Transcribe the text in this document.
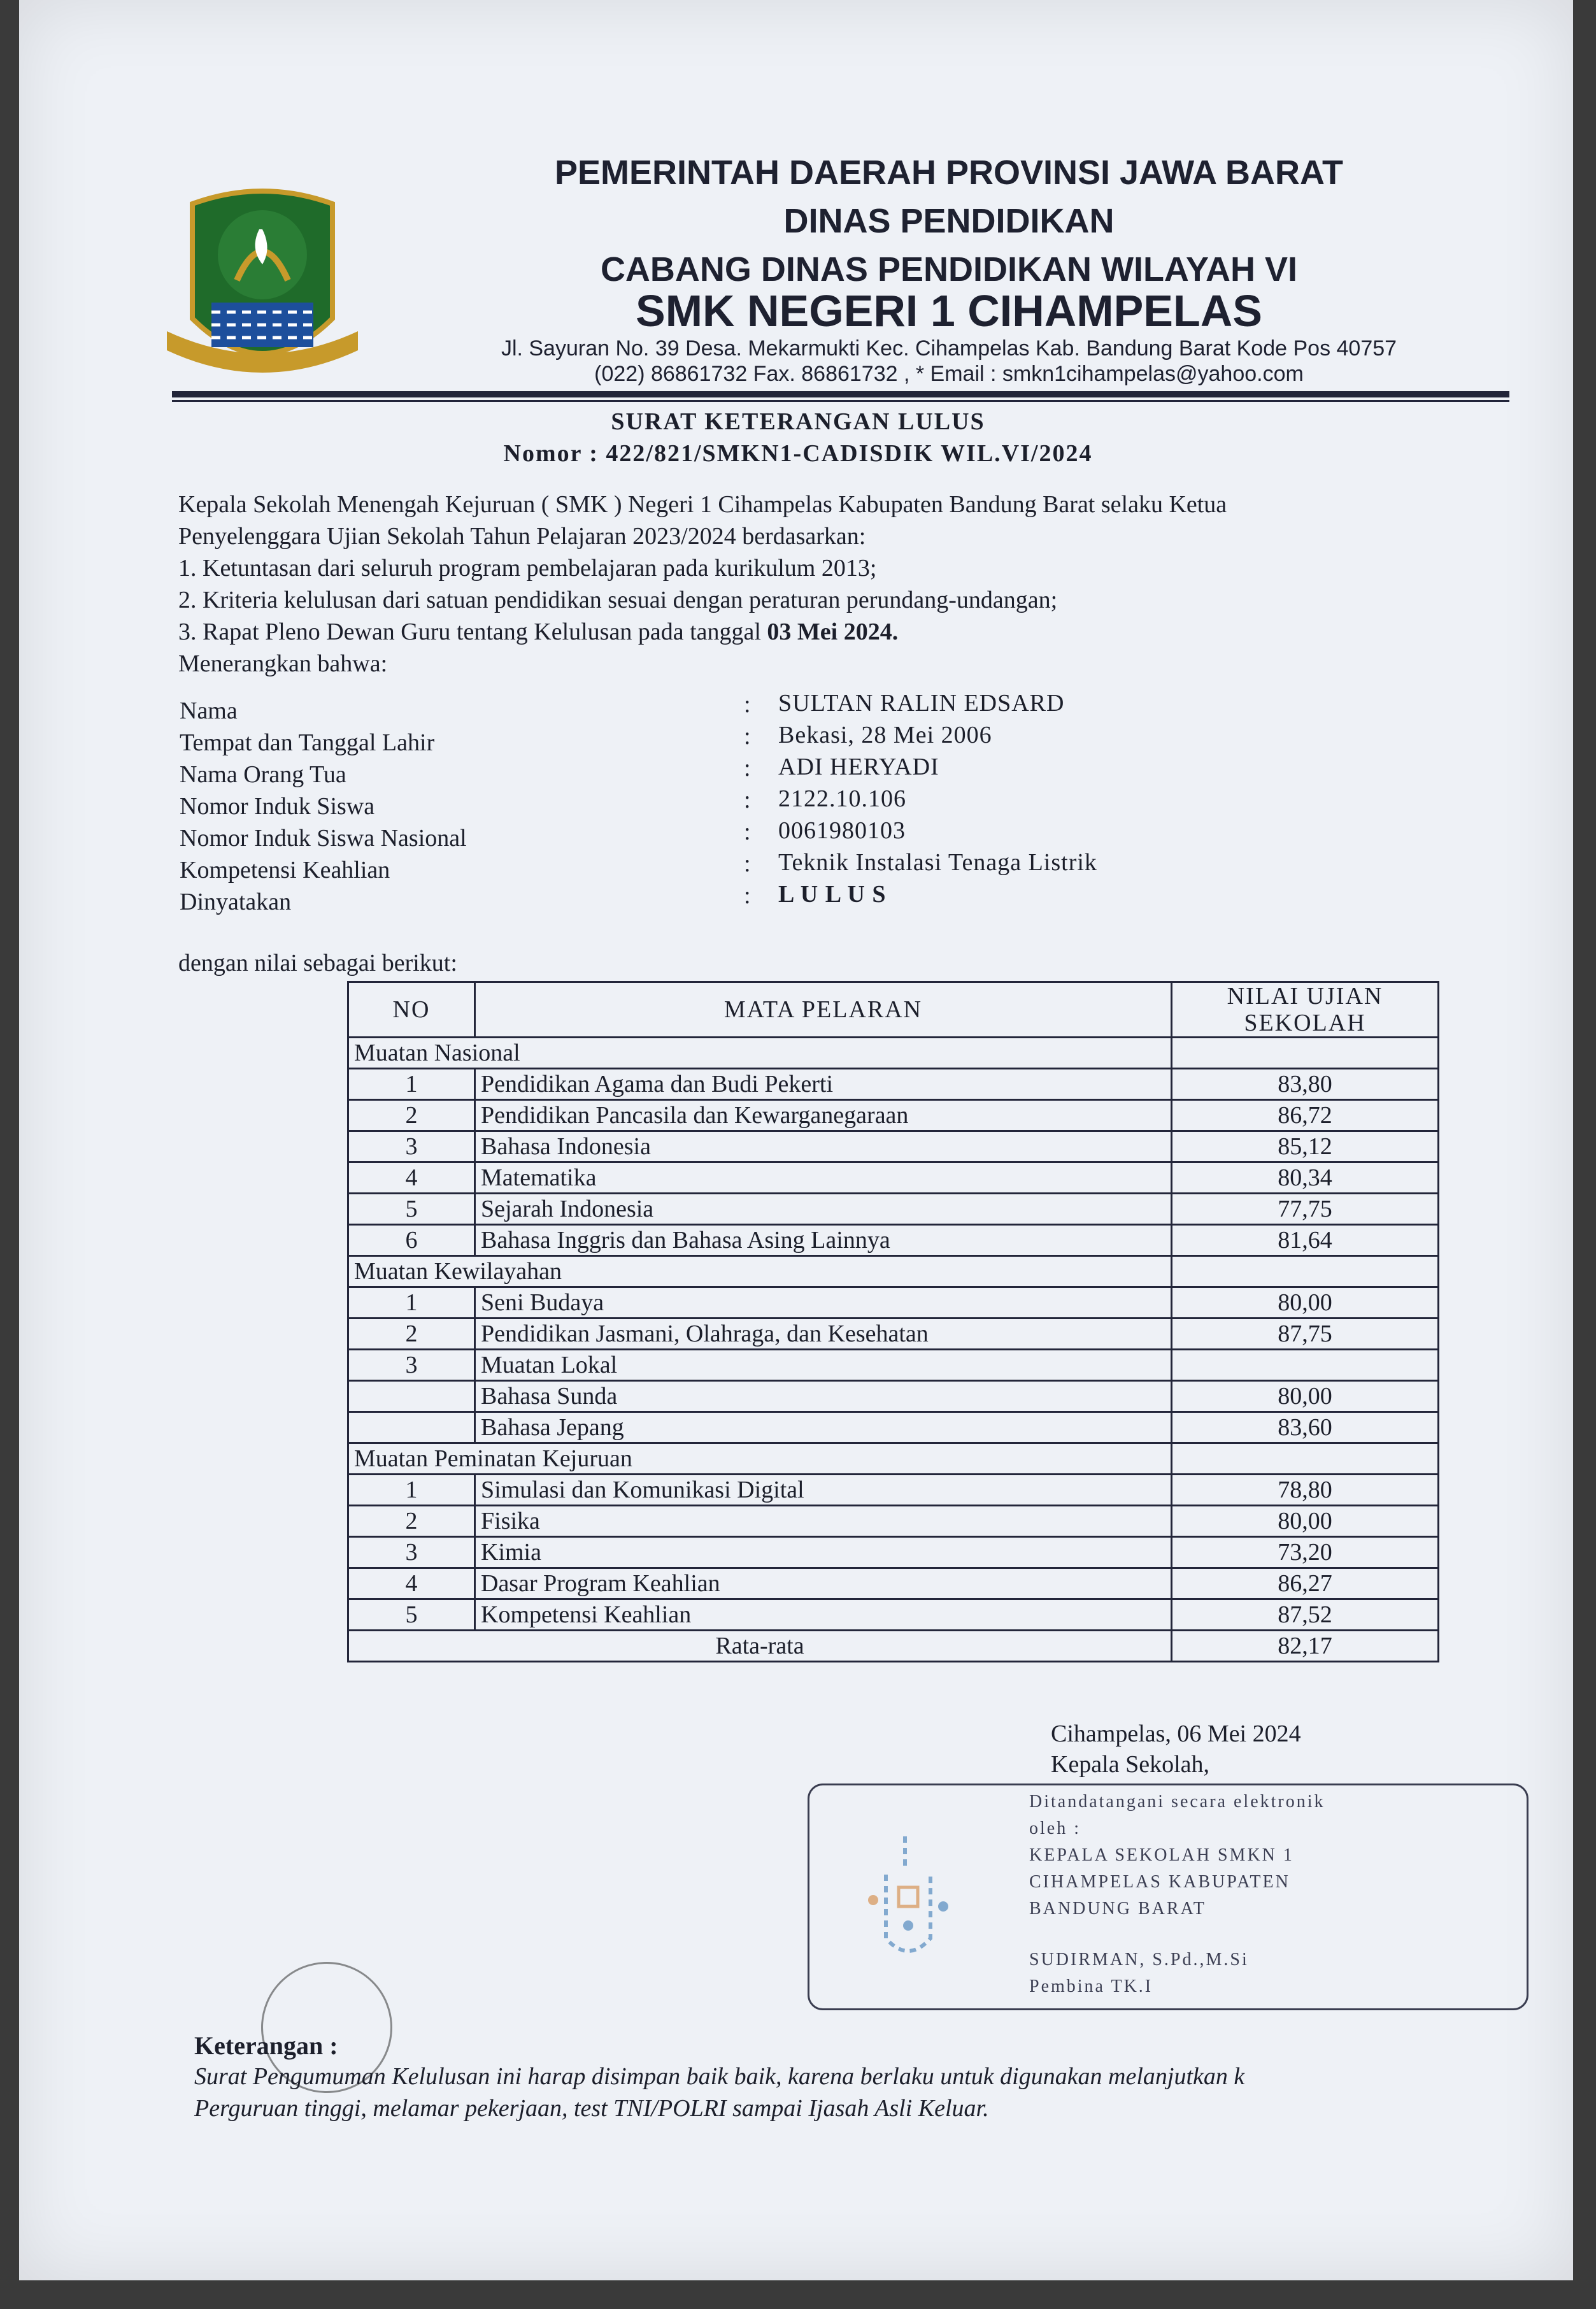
PEMERINTAH DAERAH PROVINSI JAWA BARAT
DINAS PENDIDIKAN
CABANG DINAS PENDIDIKAN WILAYAH VI
SMK NEGERI 1 CIHAMPELAS
Jl. Sayuran No. 39 Desa. Mekarmukti Kec. Cihampelas Kab. Bandung Barat Kode Pos 40757
(022) 86861732 Fax. 86861732 , * Email : smkn1cihampelas@yahoo.com
SURAT KETERANGAN LULUS
Nomor : 422/821/SMKN1-CADISDIK WIL.VI/2024
Kepala Sekolah Menengah Kejuruan ( SMK ) Negeri 1 Cihampelas Kabupaten Bandung Barat selaku Ketua
Penyelenggara Ujian Sekolah Tahun Pelajaran 2023/2024 berdasarkan:
1. Ketuntasan dari seluruh program pembelajaran pada kurikulum 2013;
2. Kriteria kelulusan dari satuan pendidikan sesuai dengan peraturan perundang-undangan;
3. Rapat Pleno Dewan Guru tentang Kelulusan pada tanggal 03 Mei 2024.
Menerangkan bahwa:
Nama	: SULTAN RALIN EDSARD
Tempat dan Tanggal Lahir	: Bekasi, 28 Mei 2006
Nama Orang Tua	: ADI HERYADI
Nomor Induk Siswa	: 2122.10.106
Nomor Induk Siswa Nasional	: 0061980103
Kompetensi Keahlian	: Teknik Instalasi Tenaga Listrik
Dinyatakan	: L U L U S
dengan nilai sebagai berikut:
NO	MATA PELARAN	NILAI UJIAN
SEKOLAH
Muatan Nasional		
1	Pendidikan Agama dan Budi Pekerti	83,80
2	Pendidikan Pancasila dan Kewarganegaraan	86,72
3	Bahasa Indonesia	85,12
4	Matematika	80,34
5	Sejarah Indonesia	77,75
6	Bahasa Inggris dan Bahasa Asing Lainnya	81,64
Muatan Kewilayahan		
1	Seni Budaya	80,00
2	Pendidikan Jasmani, Olahraga, dan Kesehatan	87,75
3	Muatan Lokal	
	Bahasa Sunda	80,00
	Bahasa Jepang	83,60
Muatan Peminatan Kejuruan		
1	Simulasi dan Komunikasi Digital	78,80
2	Fisika	80,00
3	Kimia	73,20
4	Dasar Program Keahlian	86,27
5	Kompetensi Keahlian	87,52
Rata-rata		82,17
Cihampelas, 06 Mei 2024
Kepala Sekolah,
Ditandatangani secara elektronik
oleh :
KEPALA SEKOLAH SMKN 1
CIHAMPELAS KABUPATEN
BANDUNG BARAT
SUDIRMAN, S.Pd.,M.Si
Pembina TK.I
Keterangan :
Surat Pengumuman Kelulusan ini harap disimpan baik baik, karena berlaku untuk digunakan melanjutkan k
Perguruan tinggi, melamar pekerjaan, test TNI/POLRI sampai Ijasah Asli Keluar.
